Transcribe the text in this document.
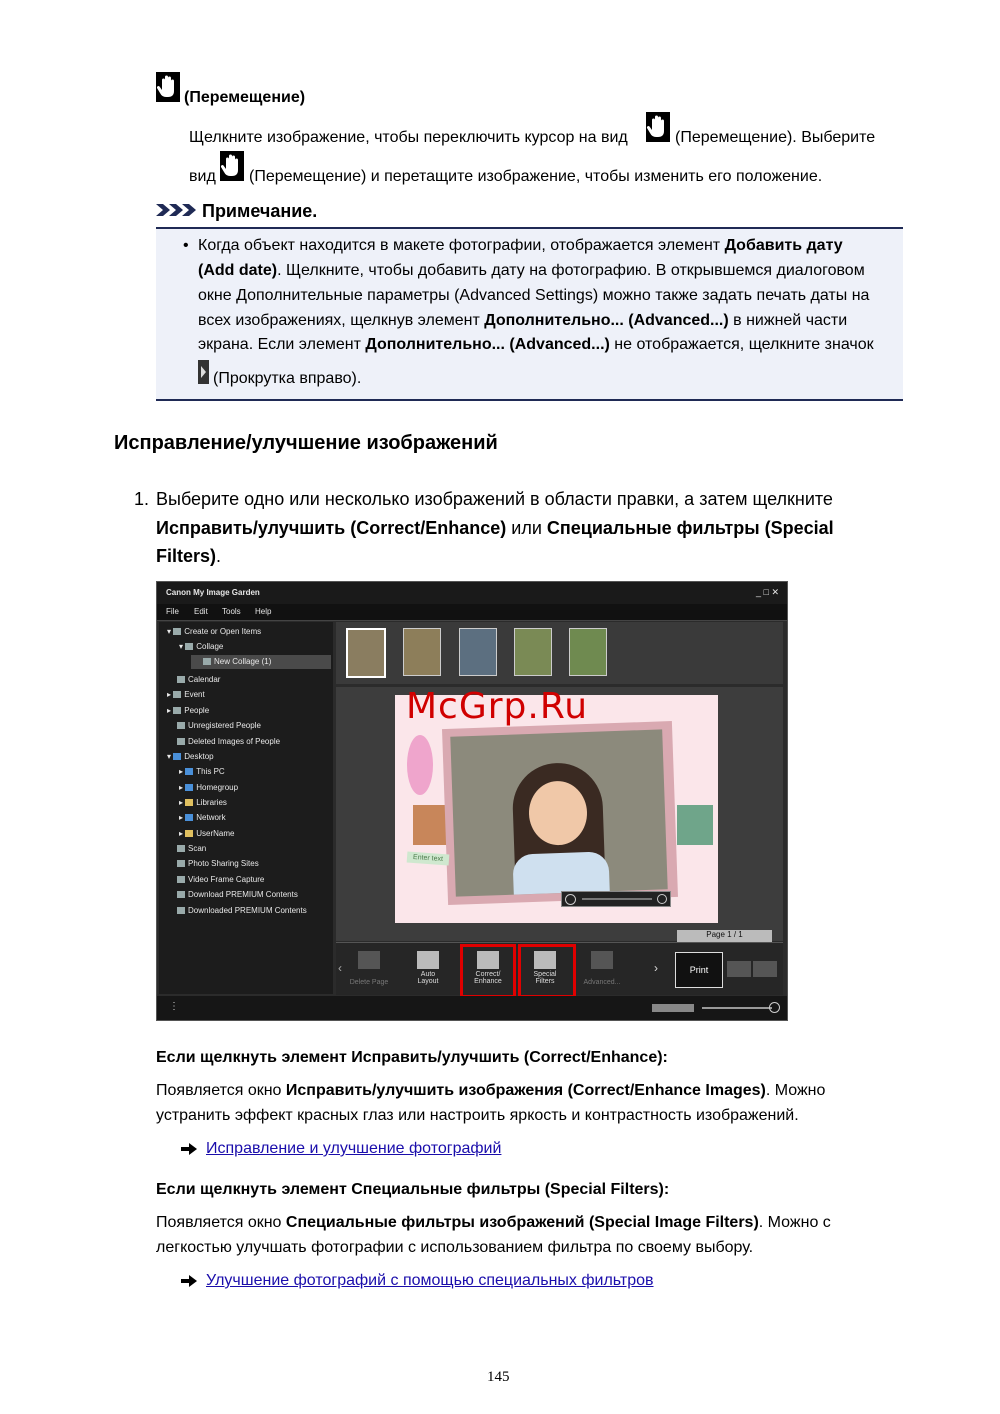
(Перемещение)
Щелкните изображение, чтобы переключить курсор на вид	(Перемещение). Выберите
вид (Перемещение) и перетащите изображение, чтобы изменить его положение.
Примечание.
• Когда объект находится в макете фотографии, отображается элемент Добавить дату
(Add date). Щелкните, чтобы добавить дату на фотографию. В открывшемся диалоговом
окне Дополнительные параметры (Advanced Settings) можно также задать печать даты на
всех изображениях, щелкнув элемент Дополнительно... (Advanced...) в нижней части
экрана. Если элемент Дополнительно... (Advanced...) не отображается, щелкните значок
(Прокрутка вправо).
Исправление/улучшение изображений
1. Выберите одно или несколько изображений в области правки, а затем щелкните
Исправить/улучшить (Correct/Enhance) или Специальные фильтры (Special
Filters).
Canon My Image Garden	_ □ ✕
File Edit Tools Help
▾ Create or Open Items
▾ Collage
New Collage (1)
Calendar
▸ Event
▸ People
Unregistered People
Deleted Images of People
▾ Desktop
▸ This PC
▸ Homegroup
▸ Libraries
▸ Network
▸ UserName
Scan
Photo Sharing Sites
Video Frame Capture
Download PREMIUM Contents
Downloaded PREMIUM Contents
Enter text
Page 1 / 1
‹
Delete Page
Auto
Layout
Correct/
Enhance
Special
Filters	Advanced...
›	Print
⋮
McGrp.Ru
Если щелкнуть элемент Исправить/улучшить (Correct/Enhance):
Появляется окно Исправить/улучшить изображения (Correct/Enhance Images). Можно
устранить эффект красных глаз или настроить яркость и контрастность изображений.
Исправление и улучшение фотографий
Если щелкнуть элемент Специальные фильтры (Special Filters):
Появляется окно Специальные фильтры изображений (Special Image Filters). Можно с
легкостью улучшать фотографии с использованием фильтра по своему выбору.
Улучшение фотографий с помощью специальных фильтров
145
